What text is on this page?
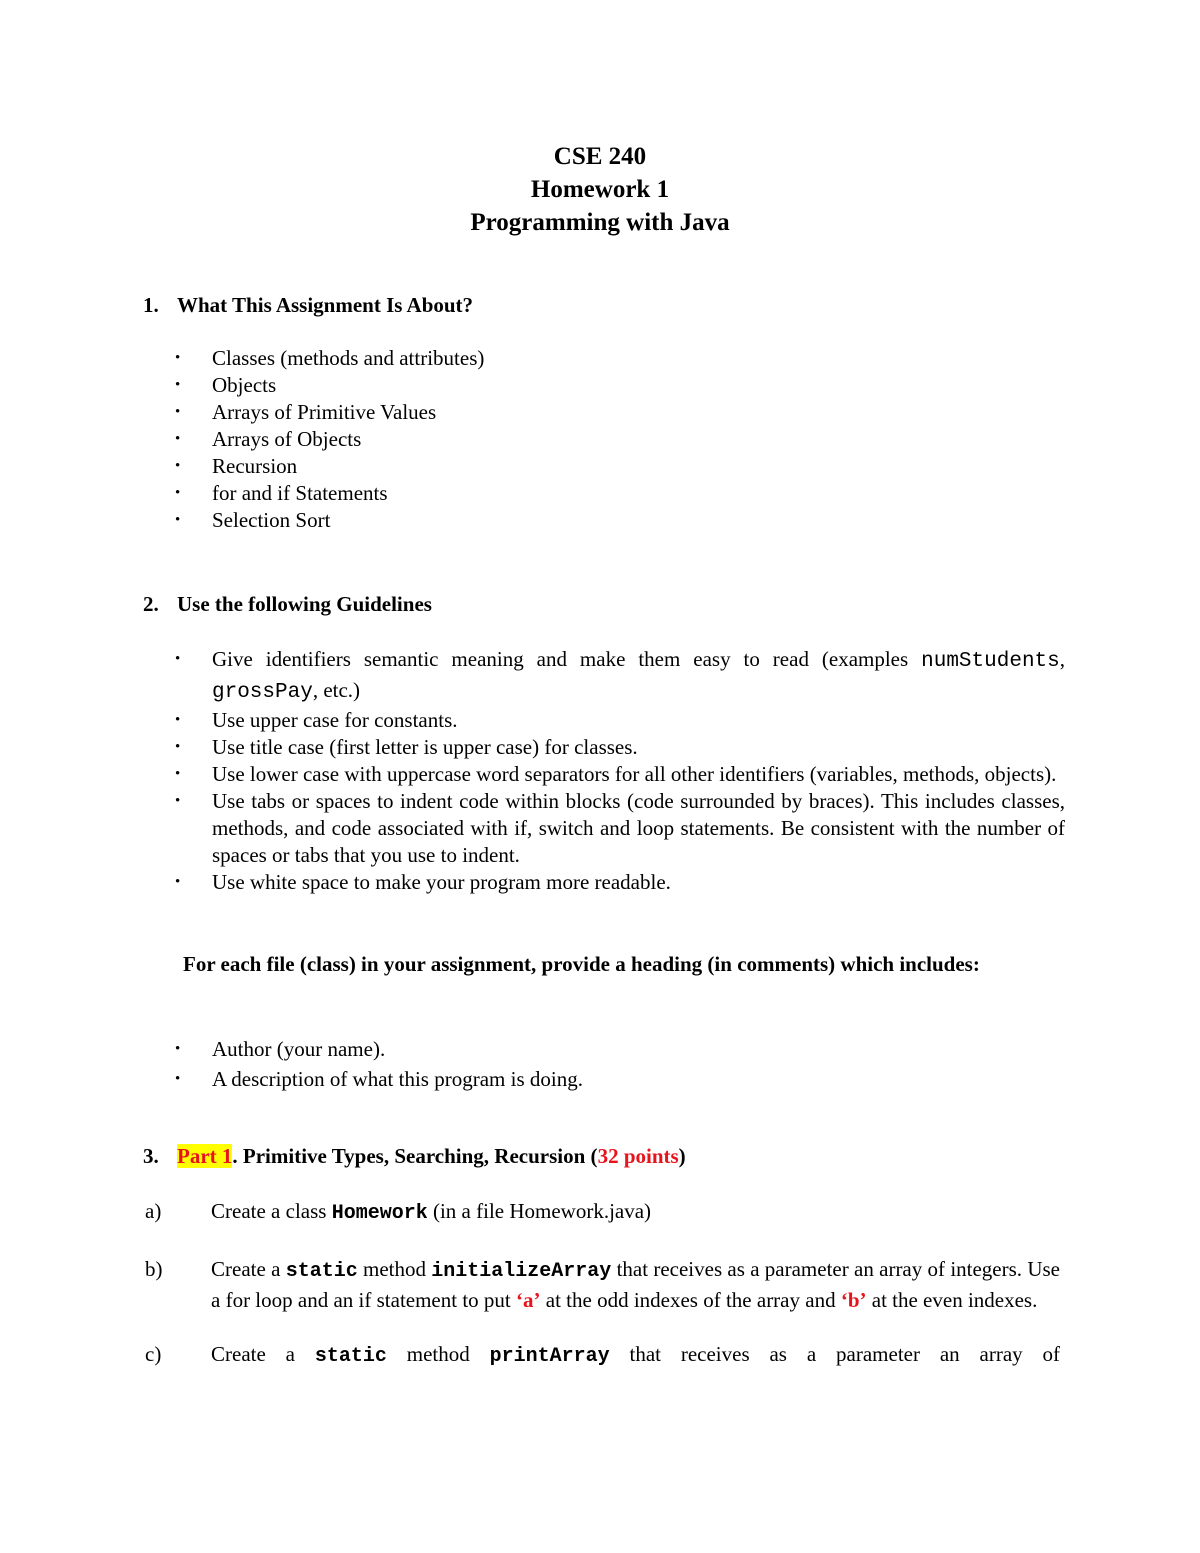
CSE 240
Homework 1
Programming with Java
1. What This Assignment Is About?
• Classes (methods and attributes)
• Objects
• Arrays of Primitive Values
• Arrays of Objects
• Recursion
• for and if Statements
• Selection Sort
2. Use the following Guidelines
• Give identifiers semantic meaning and make them easy to read (examples numStudents, grossPay, etc.)
• Use upper case for constants.
• Use title case (first letter is upper case) for classes.
• Use lower case with uppercase word separators for all other identifiers (variables, methods, objects).
• Use tabs or spaces to indent code within blocks (code surrounded by braces). This includes classes, methods, and code associated with if, switch and loop statements. Be consistent with the number of spaces or tabs that you use to indent.
• Use white space to make your program more readable.
For each file (class) in your assignment, provide a heading (in comments) which includes:
• Author (your name).
• A description of what this program is doing.
3. Part 1. Primitive Types, Searching, Recursion (32 points)
a) Create a class Homework (in a file Homework.java)
b) Create a static method initializeArray that receives as a parameter an array of integers. Use a for loop and an if statement to put ‘a’ at the odd indexes of the array and ‘b’ at the even indexes.
c) Create a static method printArray that receives as a parameter an array of
